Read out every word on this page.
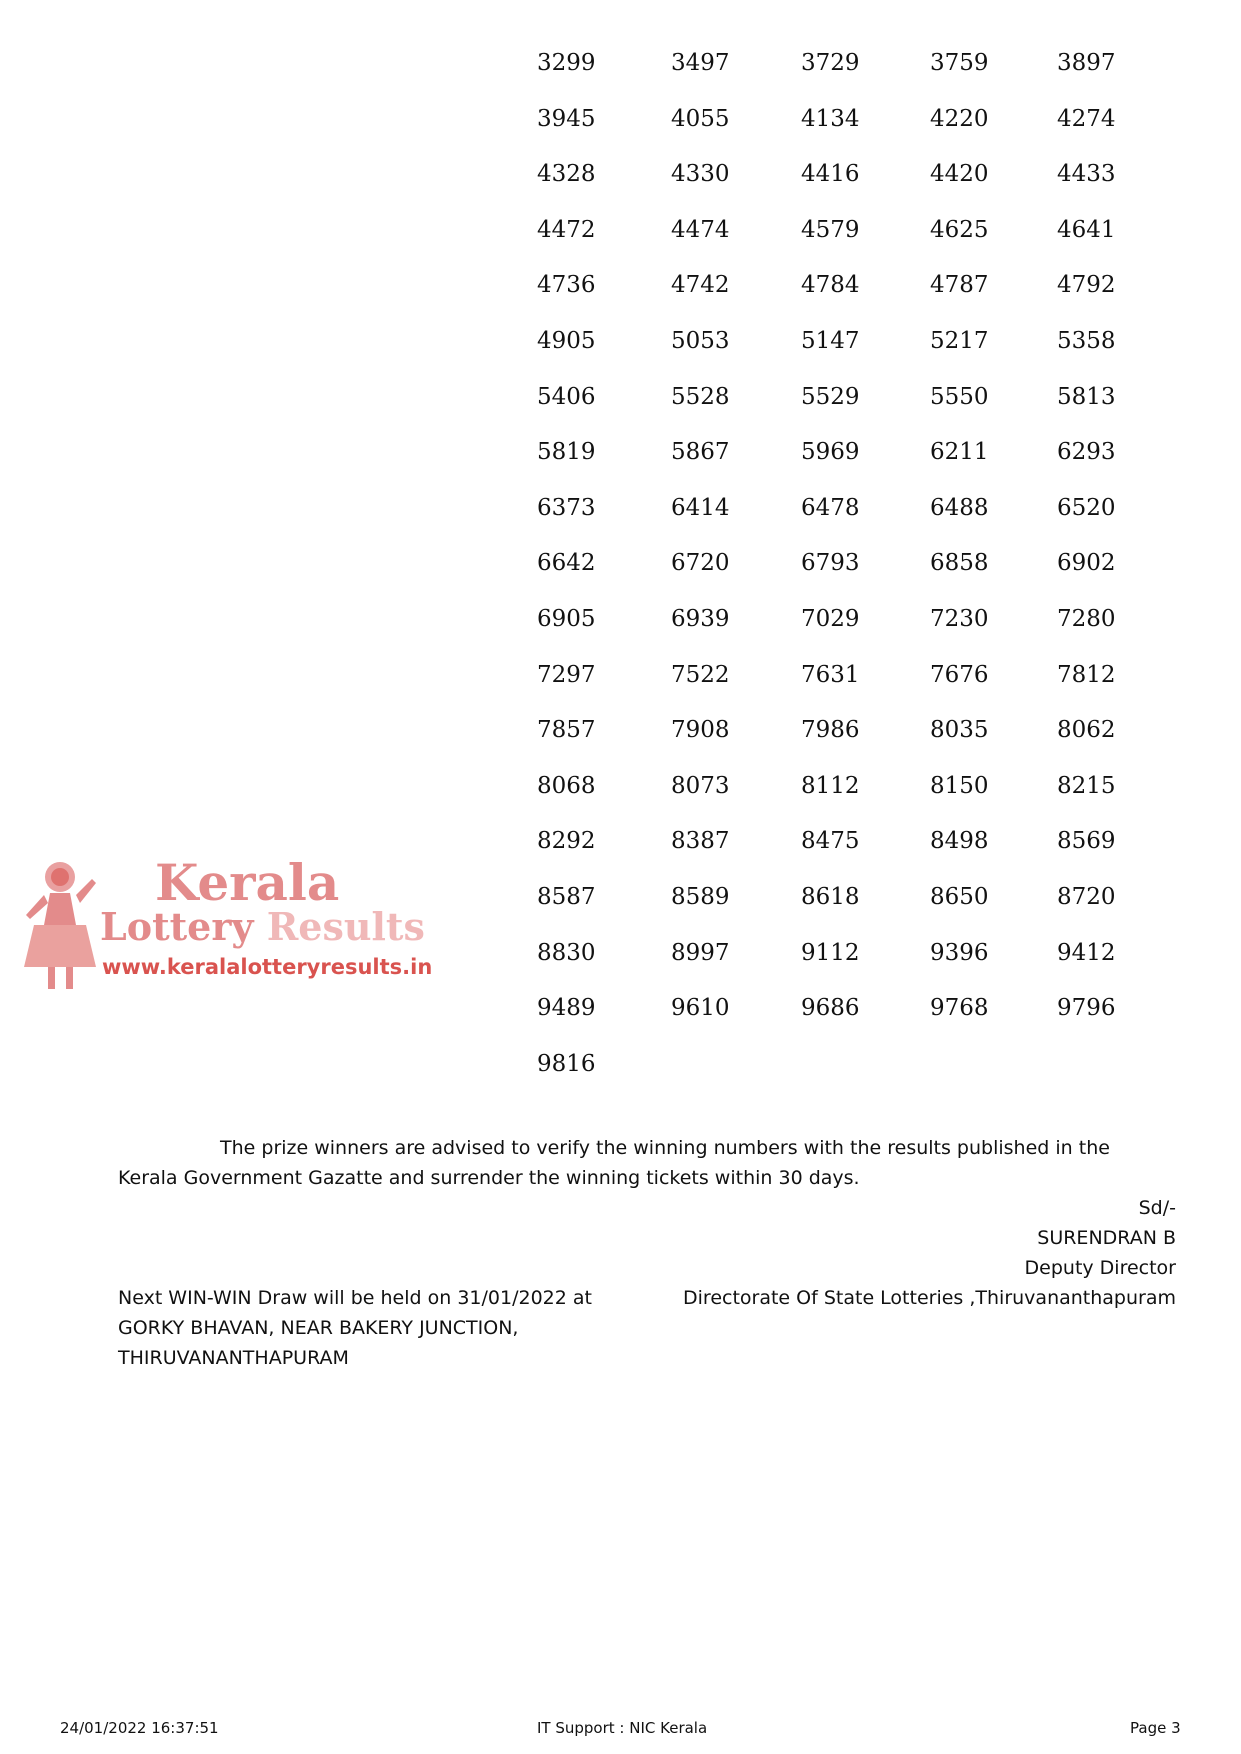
3299	3497	3729	3759	3897
3945	4055	4134	4220	4274
4328	4330	4416	4420	4433
4472	4474	4579	4625	4641
4736	4742	4784	4787	4792
4905	5053	5147	5217	5358
5406	5528	5529	5550	5813
5819	5867	5969	6211	6293
6373	6414	6478	6488	6520
6642	6720	6793	6858	6902
6905	6939	7029	7230	7280
7297	7522	7631	7676	7812
7857	7908	7986	8035	8062
8068	8073	8112	8150	8215
8292	8387	8475	8498	8569
8587	8589	8618	8650	8720
8830	8997	9112	9396	9412
9489	9610	9686	9768	9796
9816
Kerala
Lottery Results
www.keralalotteryresults.in
The prize winners are advised to verify the winning numbers with the results published in the Kerala Government Gazatte and surrender the winning tickets within 30 days.
Sd/-
SURENDRAN B
Deputy Director
Directorate Of State Lotteries ,Thiruvananthapuram
Next WIN-WIN Draw will be held on 31/01/2022 at
GORKY BHAVAN, NEAR BAKERY JUNCTION,
THIRUVANANTHAPURAM
24/01/2022 16:37:51	IT Support : NIC Kerala	Page 3
